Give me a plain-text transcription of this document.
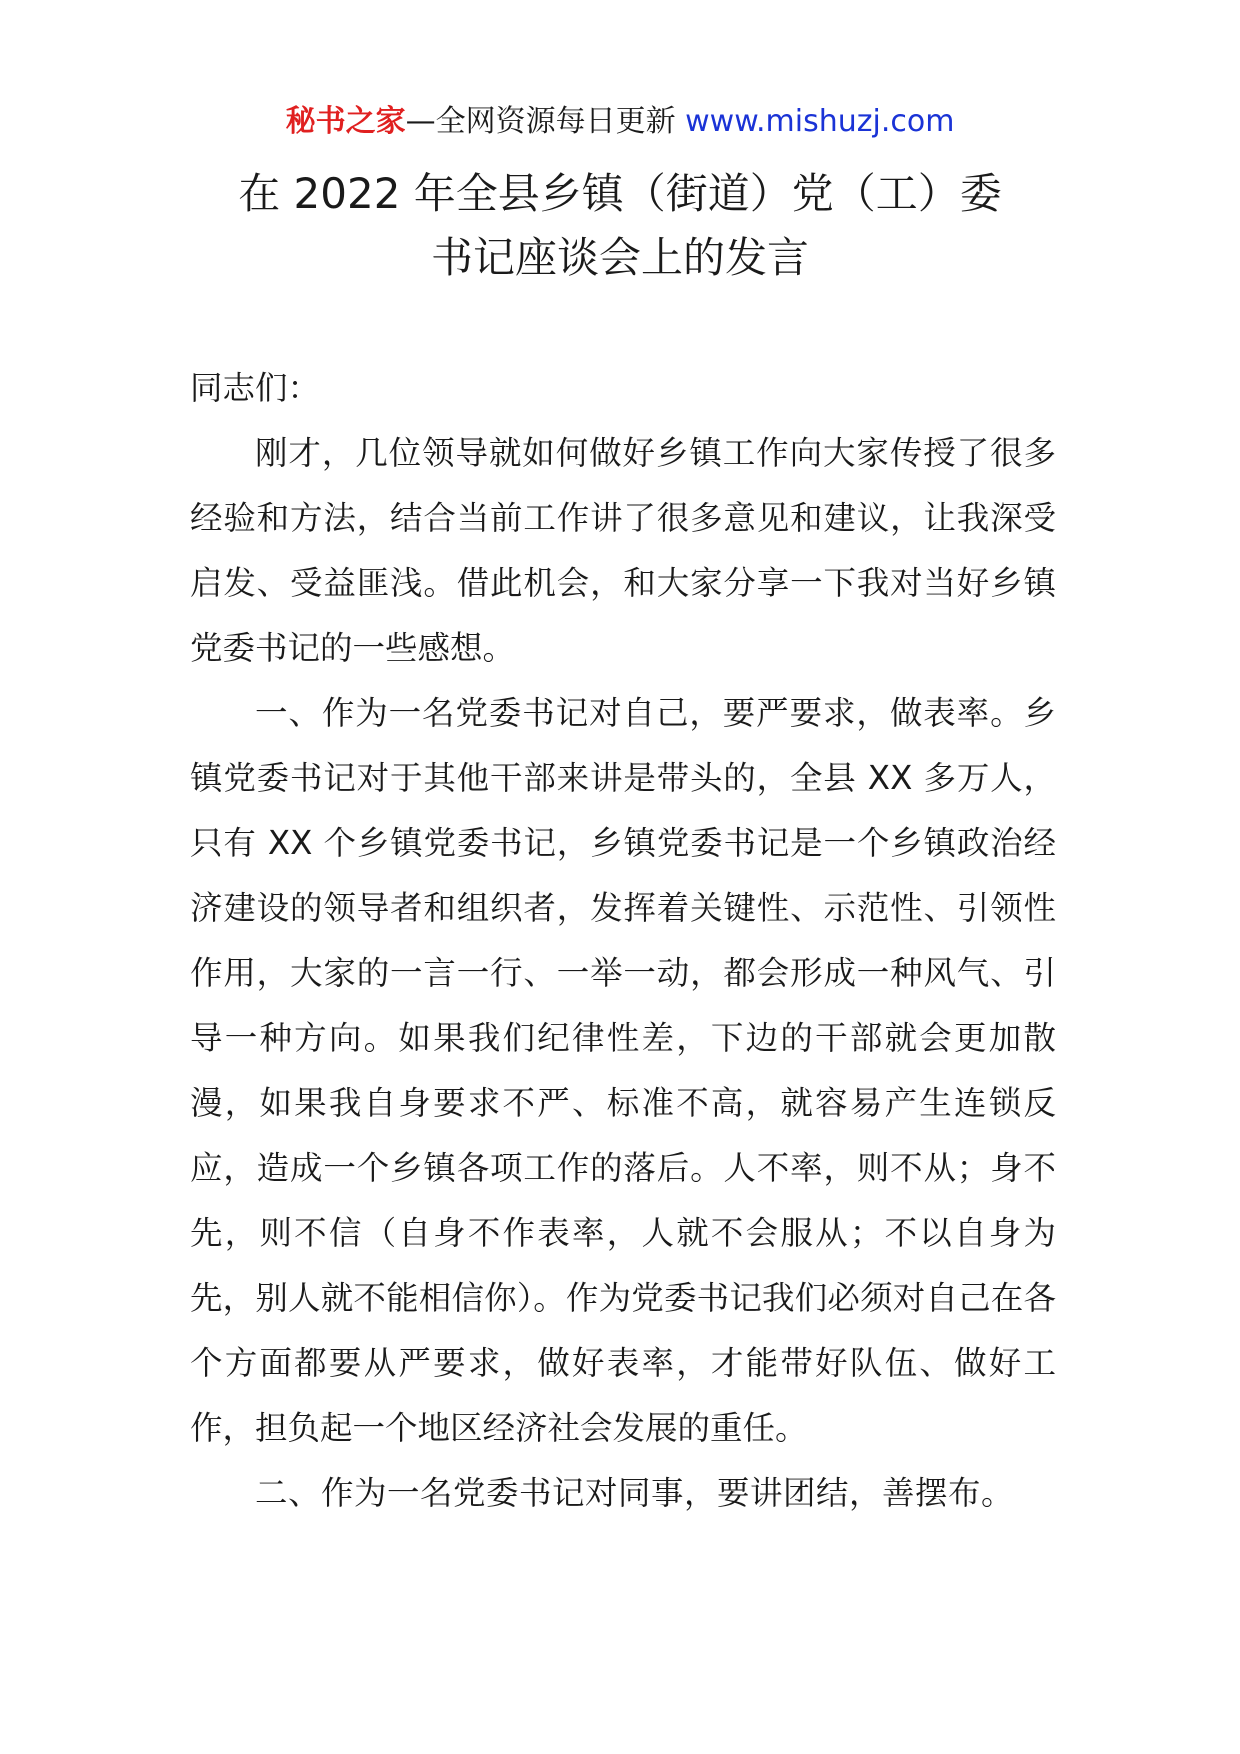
秘书之家—全网资源每日更新 www.mishuzj.com
在 2022 年全县乡镇（街道）党（工）委
书记座谈会上的发言

同志们：

刚才，几位领导就如何做好乡镇工作向大家传授了很多经验和方法，结合当前工作讲了很多意见和建议，让我深受启发、受益匪浅。借此机会，和大家分享一下我对当好乡镇党委书记的一些感想。

一、作为一名党委书记对自己，要严要求，做表率。乡镇党委书记对于其他干部来讲是带头的，全县 XX 多万人，只有 XX 个乡镇党委书记，乡镇党委书记是一个乡镇政治经济建设的领导者和组织者，发挥着关键性、示范性、引领性作用，大家的一言一行、一举一动，都会形成一种风气、引导一种方向。如果我们纪律性差，下边的干部就会更加散漫，如果我自身要求不严、标准不高，就容易产生连锁反应，造成一个乡镇各项工作的落后。人不率，则不从；身不先，则不信（自身不作表率，人就不会服从；不以自身为先，别人就不能相信你）。作为党委书记我们必须对自己在各个方面都要从严要求，做好表率，才能带好队伍、做好工作，担负起一个地区经济社会发展的重任。

二、作为一名党委书记对同事，要讲团结，善摆布。
